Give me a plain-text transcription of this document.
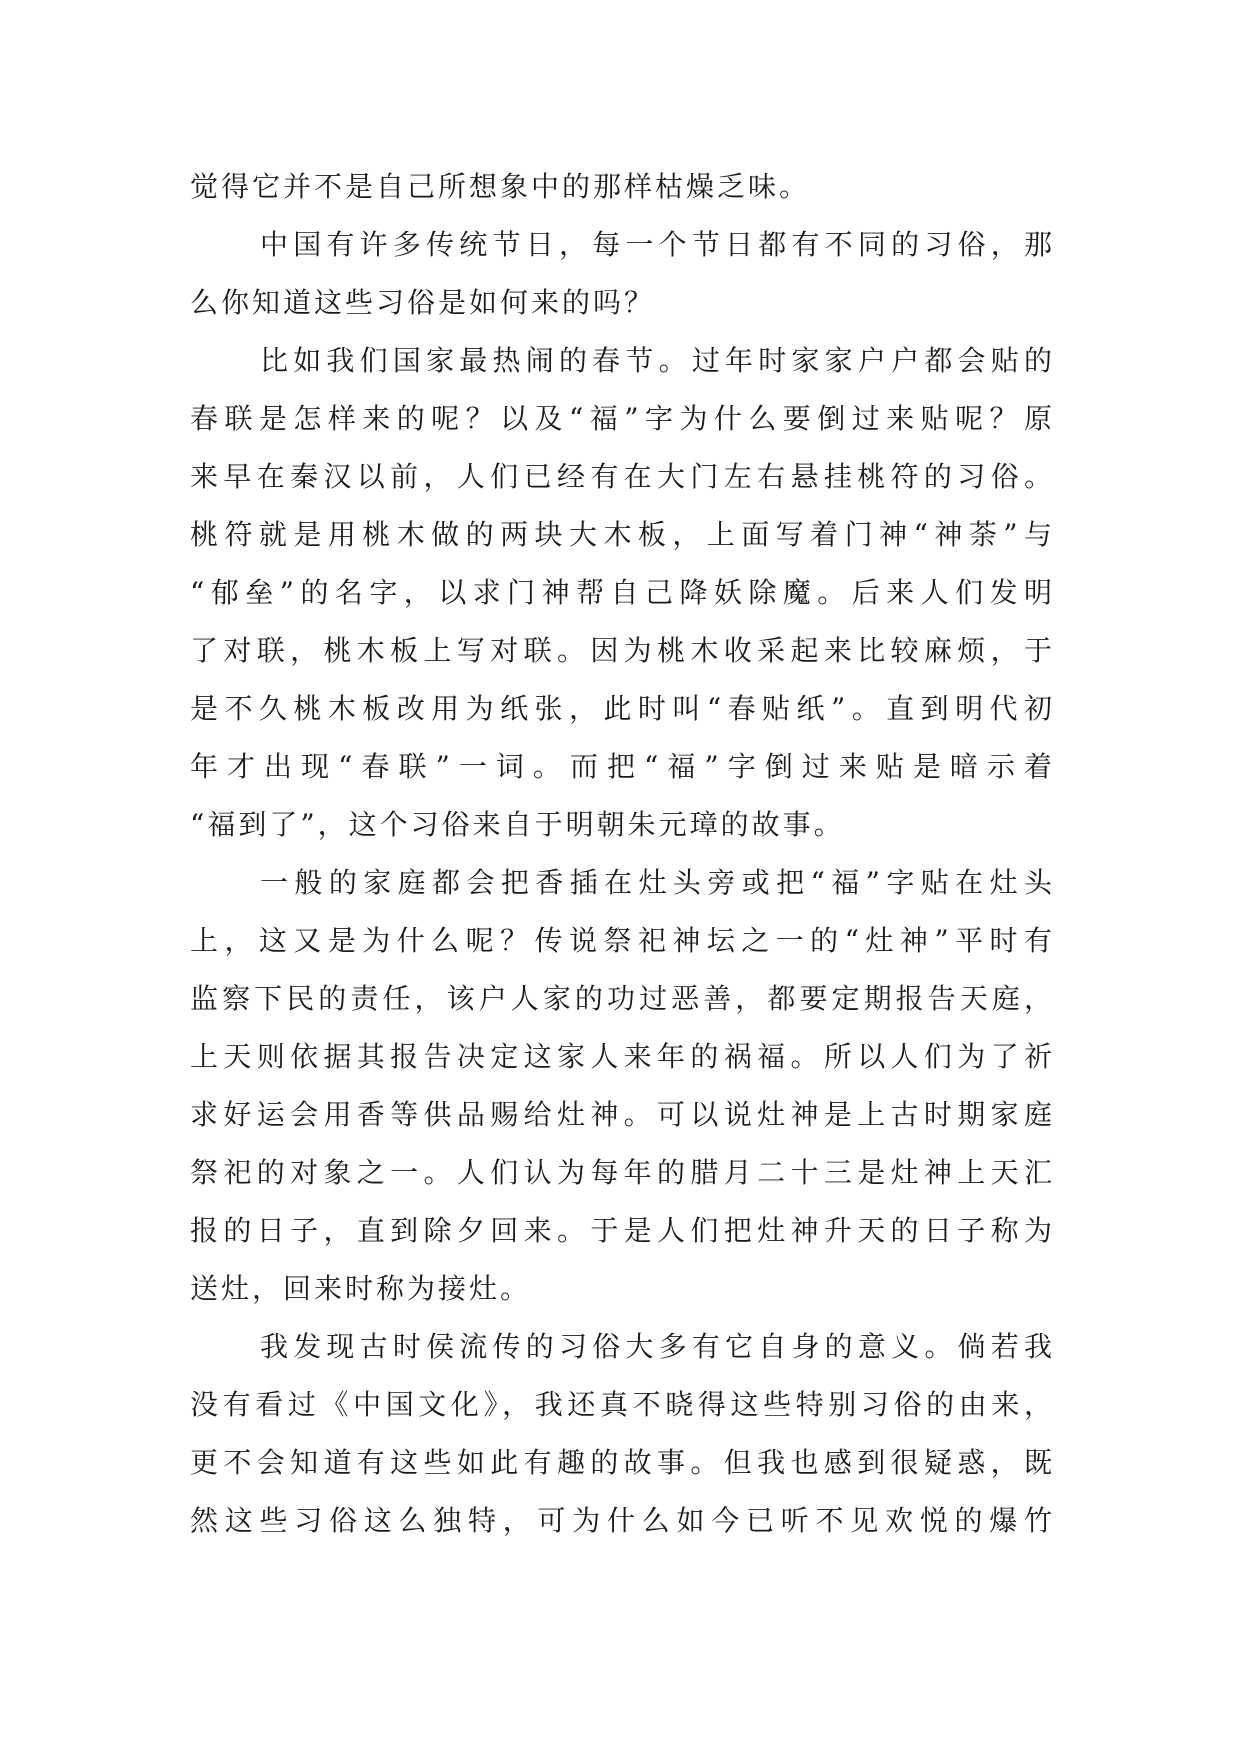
觉得它并不是自己所想象中的那样枯燥乏味。
中国有许多传统节日，每一个节日都有不同的习俗，那
么你知道这些习俗是如何来的吗？
比如我们国家最热闹的春节。过年时家家户户都会贴的
春联是怎样来的呢？以及“福”字为什么要倒过来贴呢？原
来早在秦汉以前，人们已经有在大门左右悬挂桃符的习俗。
桃符就是用桃木做的两块大木板，上面写着门神“神荼”与
“郁垒”的名字，以求门神帮自己降妖除魔。后来人们发明
了对联，桃木板上写对联。因为桃木收采起来比较麻烦，于
是不久桃木板改用为纸张，此时叫“春贴纸”。直到明代初
年才出现“春联”一词。而把“福”字倒过来贴是暗示着
“福到了”，这个习俗来自于明朝朱元璋的故事。
一般的家庭都会把香插在灶头旁或把“福”字贴在灶头
上，这又是为什么呢？传说祭祀神坛之一的“灶神”平时有
监察下民的责任，该户人家的功过恶善，都要定期报告天庭，
上天则依据其报告决定这家人来年的祸福。所以人们为了祈
求好运会用香等供品赐给灶神。可以说灶神是上古时期家庭
祭祀的对象之一。人们认为每年的腊月二十三是灶神上天汇
报的日子，直到除夕回来。于是人们把灶神升天的日子称为
送灶，回来时称为接灶。
我发现古时侯流传的习俗大多有它自身的意义。倘若我
没有看过《中国文化》，我还真不晓得这些特别习俗的由来，
更不会知道有这些如此有趣的故事。但我也感到很疑惑，既
然这些习俗这么独特，可为什么如今已听不见欢悦的爆竹
